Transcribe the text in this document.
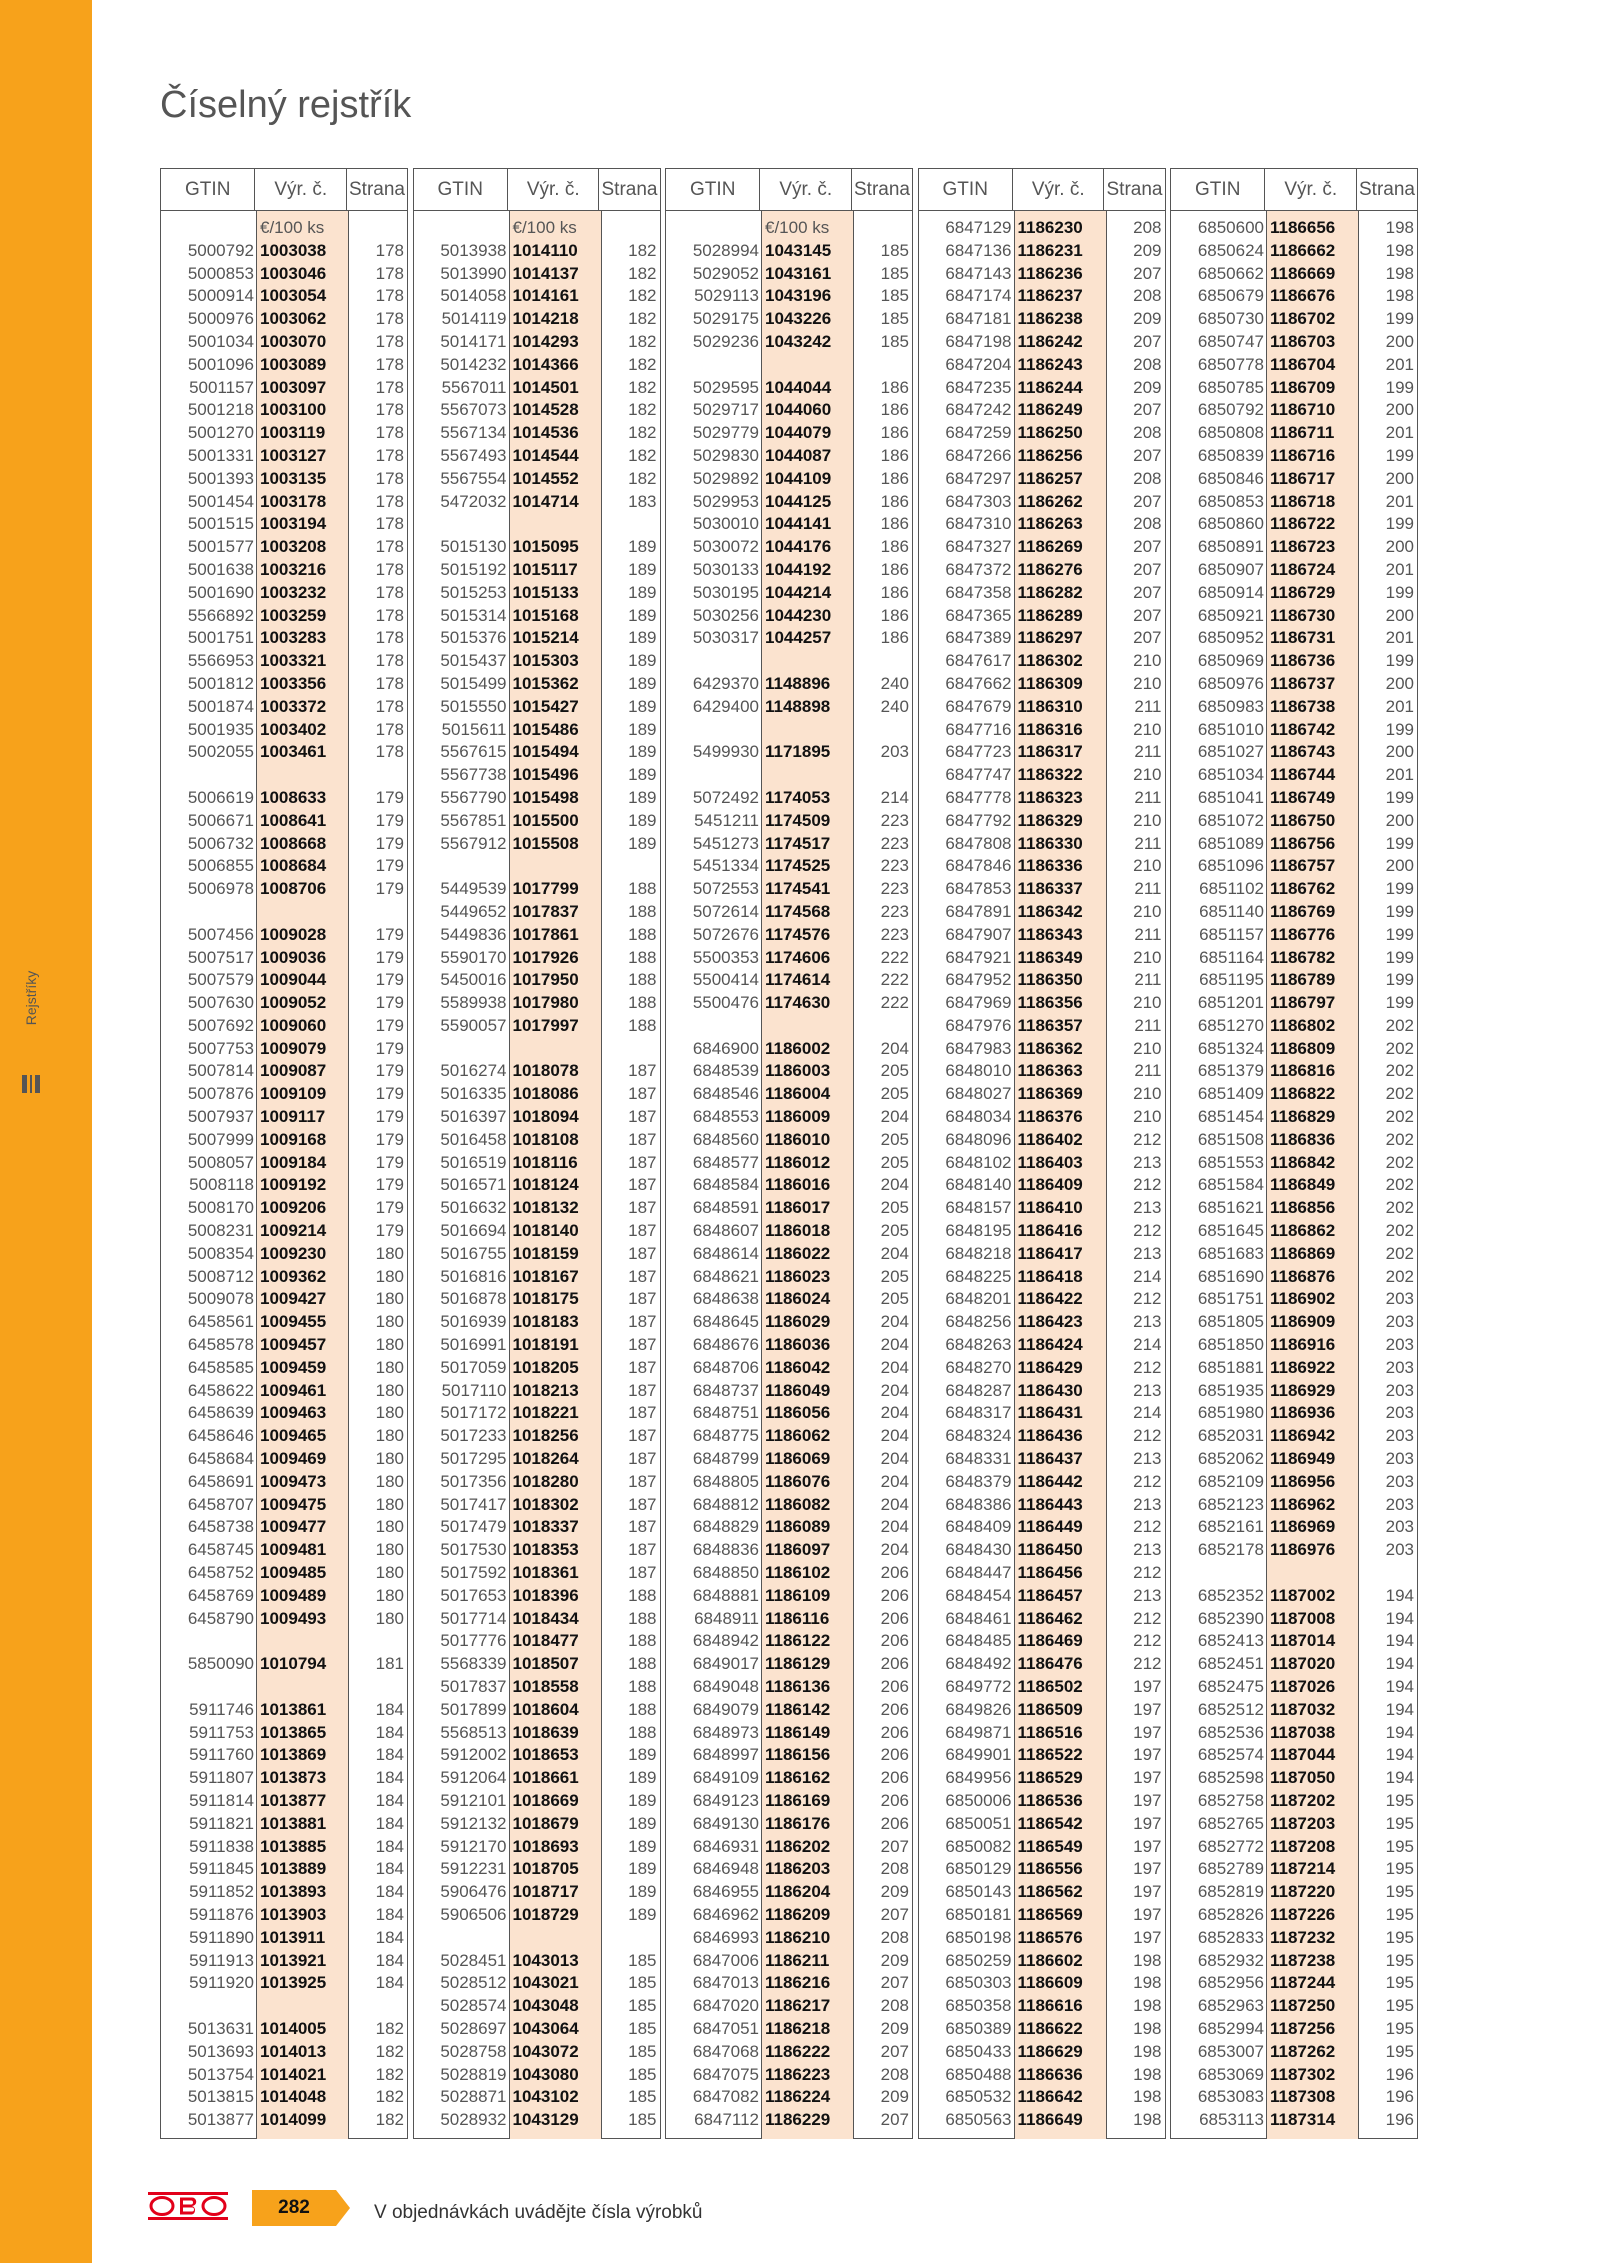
Rejstříky
Číselný rejstřík
GTIN	Výr. č.	Strana
€/100 ks
5000792 1003038	178
5000853 1003046	178
5000914 1003054	178
5000976 1003062	178
5001034 1003070	178
5001096 1003089	178
5001157 1003097	178
5001218 1003100	178
5001270 1003119	178
5001331 1003127	178
5001393 1003135	178
5001454 1003178	178
5001515 1003194	178
5001577 1003208	178
5001638 1003216	178
5001690 1003232	178
5566892 1003259	178
5001751 1003283	178
5566953 1003321	178
5001812 1003356	178
5001874 1003372	178
5001935 1003402	178
5002055 1003461	178
5006619 1008633	179
5006671 1008641	179
5006732 1008668	179
5006855 1008684	179
5006978 1008706	179
5007456 1009028	179
5007517 1009036	179
5007579 1009044	179
5007630 1009052	179
5007692 1009060	179
5007753 1009079	179
5007814 1009087	179
5007876 1009109	179
5007937 1009117	179
5007999 1009168	179
5008057 1009184	179
5008118 1009192	179
5008170 1009206	179
5008231 1009214	179
5008354 1009230	180
5008712 1009362	180
5009078 1009427	180
6458561 1009455	180
6458578 1009457	180
6458585 1009459	180
6458622 1009461	180
6458639 1009463	180
6458646 1009465	180
6458684 1009469	180
6458691 1009473	180
6458707 1009475	180
6458738 1009477	180
6458745 1009481	180
6458752 1009485	180
6458769 1009489	180
6458790 1009493	180
5850090 1010794	181
5911746 1013861	184
5911753 1013865	184
5911760 1013869	184
5911807 1013873	184
5911814 1013877	184
5911821 1013881	184
5911838 1013885	184
5911845 1013889	184
5911852 1013893	184
5911876 1013903	184
5911890 1013911	184
5911913 1013921	184
5911920 1013925	184
5013631 1014005	182
5013693 1014013	182
5013754 1014021	182
5013815 1014048	182
5013877 1014099	182
GTIN	Výr. č.	Strana
€/100 ks
5013938 1014110	182
5013990 1014137	182
5014058 1014161	182
5014119 1014218	182
5014171 1014293	182
5014232 1014366	182
5567011 1014501	182
5567073 1014528	182
5567134 1014536	182
5567493 1014544	182
5567554 1014552	182
5472032 1014714	183
5015130 1015095	189
5015192 1015117	189
5015253 1015133	189
5015314 1015168	189
5015376 1015214	189
5015437 1015303	189
5015499 1015362	189
5015550 1015427	189
5015611 1015486	189
5567615 1015494	189
5567738 1015496	189
5567790 1015498	189
5567851 1015500	189
5567912 1015508	189
5449539 1017799	188
5449652 1017837	188
5449836 1017861	188
5590170 1017926	188
5450016 1017950	188
5589938 1017980	188
5590057 1017997	188
5016274 1018078	187
5016335 1018086	187
5016397 1018094	187
5016458 1018108	187
5016519 1018116	187
5016571 1018124	187
5016632 1018132	187
5016694 1018140	187
5016755 1018159	187
5016816 1018167	187
5016878 1018175	187
5016939 1018183	187
5016991 1018191	187
5017059 1018205	187
5017110 1018213	187
5017172 1018221	187
5017233 1018256	187
5017295 1018264	187
5017356 1018280	187
5017417 1018302	187
5017479 1018337	187
5017530 1018353	187
5017592 1018361	187
5017653 1018396	188
5017714 1018434	188
5017776 1018477	188
5568339 1018507	188
5017837 1018558	188
5017899 1018604	188
5568513 1018639	188
5912002 1018653	189
5912064 1018661	189
5912101 1018669	189
5912132 1018679	189
5912170 1018693	189
5912231 1018705	189
5906476 1018717	189
5906506 1018729	189
5028451 1043013	185
5028512 1043021	185
5028574 1043048	185
5028697 1043064	185
5028758 1043072	185
5028819 1043080	185
5028871 1043102	185
5028932 1043129	185
GTIN	Výr. č.	Strana
€/100 ks
5028994 1043145	185
5029052 1043161	185
5029113 1043196	185
5029175 1043226	185
5029236 1043242	185
5029595 1044044	186
5029717 1044060	186
5029779 1044079	186
5029830 1044087	186
5029892 1044109	186
5029953 1044125	186
5030010 1044141	186
5030072 1044176	186
5030133 1044192	186
5030195 1044214	186
5030256 1044230	186
5030317 1044257	186
6429370 1148896	240
6429400 1148898	240
5499930 1171895	203
5072492 1174053	214
5451211 1174509	223
5451273 1174517	223
5451334 1174525	223
5072553 1174541	223
5072614 1174568	223
5072676 1174576	223
5500353 1174606	222
5500414 1174614	222
5500476 1174630	222
6846900 1186002	204
6848539 1186003	205
6848546 1186004	205
6848553 1186009	204
6848560 1186010	205
6848577 1186012	205
6848584 1186016	204
6848591 1186017	205
6848607 1186018	205
6848614 1186022	204
6848621 1186023	205
6848638 1186024	205
6848645 1186029	204
6848676 1186036	204
6848706 1186042	204
6848737 1186049	204
6848751 1186056	204
6848775 1186062	204
6848799 1186069	204
6848805 1186076	204
6848812 1186082	204
6848829 1186089	204
6848836 1186097	204
6848850 1186102	206
6848881 1186109	206
6848911 1186116	206
6848942 1186122	206
6849017 1186129	206
6849048 1186136	206
6849079 1186142	206
6848973 1186149	206
6848997 1186156	206
6849109 1186162	206
6849123 1186169	206
6849130 1186176	206
6846931 1186202	207
6846948 1186203	208
6846955 1186204	209
6846962 1186209	207
6846993 1186210	208
6847006 1186211	209
6847013 1186216	207
6847020 1186217	208
6847051 1186218	209
6847068 1186222	207
6847075 1186223	208
6847082 1186224	209
6847112 1186229	207
GTIN	Výr. č.	Strana
6847129 1186230	208
6847136 1186231	209
6847143 1186236	207
6847174 1186237	208
6847181 1186238	209
6847198 1186242	207
6847204 1186243	208
6847235 1186244	209
6847242 1186249	207
6847259 1186250	208
6847266 1186256	207
6847297 1186257	208
6847303 1186262	207
6847310 1186263	208
6847327 1186269	207
6847372 1186276	207
6847358 1186282	207
6847365 1186289	207
6847389 1186297	207
6847617 1186302	210
6847662 1186309	210
6847679 1186310	211
6847716 1186316	210
6847723 1186317	211
6847747 1186322	210
6847778 1186323	211
6847792 1186329	210
6847808 1186330	211
6847846 1186336	210
6847853 1186337	211
6847891 1186342	210
6847907 1186343	211
6847921 1186349	210
6847952 1186350	211
6847969 1186356	210
6847976 1186357	211
6847983 1186362	210
6848010 1186363	211
6848027 1186369	210
6848034 1186376	210
6848096 1186402	212
6848102 1186403	213
6848140 1186409	212
6848157 1186410	213
6848195 1186416	212
6848218 1186417	213
6848225 1186418	214
6848201 1186422	212
6848256 1186423	213
6848263 1186424	214
6848270 1186429	212
6848287 1186430	213
6848317 1186431	214
6848324 1186436	212
6848331 1186437	213
6848379 1186442	212
6848386 1186443	213
6848409 1186449	212
6848430 1186450	213
6848447 1186456	212
6848454 1186457	213
6848461 1186462	212
6848485 1186469	212
6848492 1186476	212
6849772 1186502	197
6849826 1186509	197
6849871 1186516	197
6849901 1186522	197
6849956 1186529	197
6850006 1186536	197
6850051 1186542	197
6850082 1186549	197
6850129 1186556	197
6850143 1186562	197
6850181 1186569	197
6850198 1186576	197
6850259 1186602	198
6850303 1186609	198
6850358 1186616	198
6850389 1186622	198
6850433 1186629	198
6850488 1186636	198
6850532 1186642	198
6850563 1186649	198
GTIN	Výr. č.	Strana
6850600 1186656	198
6850624 1186662	198
6850662 1186669	198
6850679 1186676	198
6850730 1186702	199
6850747 1186703	200
6850778 1186704	201
6850785 1186709	199
6850792 1186710	200
6850808 1186711	201
6850839 1186716	199
6850846 1186717	200
6850853 1186718	201
6850860 1186722	199
6850891 1186723	200
6850907 1186724	201
6850914 1186729	199
6850921 1186730	200
6850952 1186731	201
6850969 1186736	199
6850976 1186737	200
6850983 1186738	201
6851010 1186742	199
6851027 1186743	200
6851034 1186744	201
6851041 1186749	199
6851072 1186750	200
6851089 1186756	199
6851096 1186757	200
6851102 1186762	199
6851140 1186769	199
6851157 1186776	199
6851164 1186782	199
6851195 1186789	199
6851201 1186797	199
6851270 1186802	202
6851324 1186809	202
6851379 1186816	202
6851409 1186822	202
6851454 1186829	202
6851508 1186836	202
6851553 1186842	202
6851584 1186849	202
6851621 1186856	202
6851645 1186862	202
6851683 1186869	202
6851690 1186876	202
6851751 1186902	203
6851805 1186909	203
6851850 1186916	203
6851881 1186922	203
6851935 1186929	203
6851980 1186936	203
6852031 1186942	203
6852062 1186949	203
6852109 1186956	203
6852123 1186962	203
6852161 1186969	203
6852178 1186976	203
6852352 1187002	194
6852390 1187008	194
6852413 1187014	194
6852451 1187020	194
6852475 1187026	194
6852512 1187032	194
6852536 1187038	194
6852574 1187044	194
6852598 1187050	194
6852758 1187202	195
6852765 1187203	195
6852772 1187208	195
6852789 1187214	195
6852819 1187220	195
6852826 1187226	195
6852833 1187232	195
6852932 1187238	195
6852956 1187244	195
6852963 1187250	195
6852994 1187256	195
6853007 1187262	195
6853069 1187302	196
6853083 1187308	196
6853113 1187314	196
282	V objednávkách uvádějte čísla výrobků
